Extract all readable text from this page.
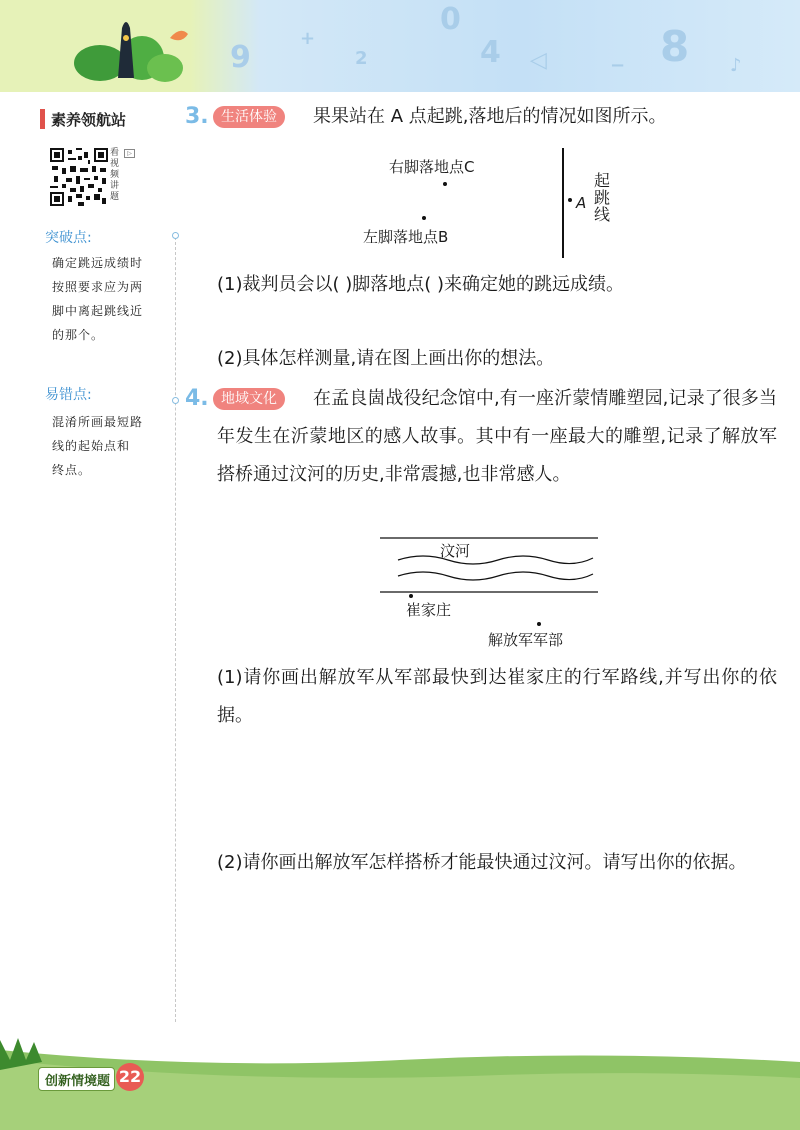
9
+
2
0
4 ◁	− 8 ♪
素养领航站
看视频讲题
▷
突破点:
确定跳远成绩时
按照要求应为两
脚中离起跳线近
的那个。
易错点:
混淆所画最短路
线的起始点和
终点。
3. 生活体验	果果站在 A 点起跳,落地后的情况如图所示。
右脚落地点C
左脚落地点B
A
起跳线
(1)裁判员会以( )脚落地点( )来确定她的跳远成绩。
(2)具体怎样测量,请在图上画出你的想法。
4. 地域文化	在孟良崮战役纪念馆中,有一座沂蒙情雕塑园,记录了很多当年发生在沂蒙地区的感人故事。其中有一座最大的雕塑,记录了解放军搭桥通过汶河的历史,非常震撼,也非常感人。
汶河
崔家庄
解放军军部
(1)请你画出解放军从军部最快到达崔家庄的行军路线,并写出你的依据。
(2)请你画出解放军怎样搭桥才能最快通过汶河。请写出你的依据。
创新情境题 22
